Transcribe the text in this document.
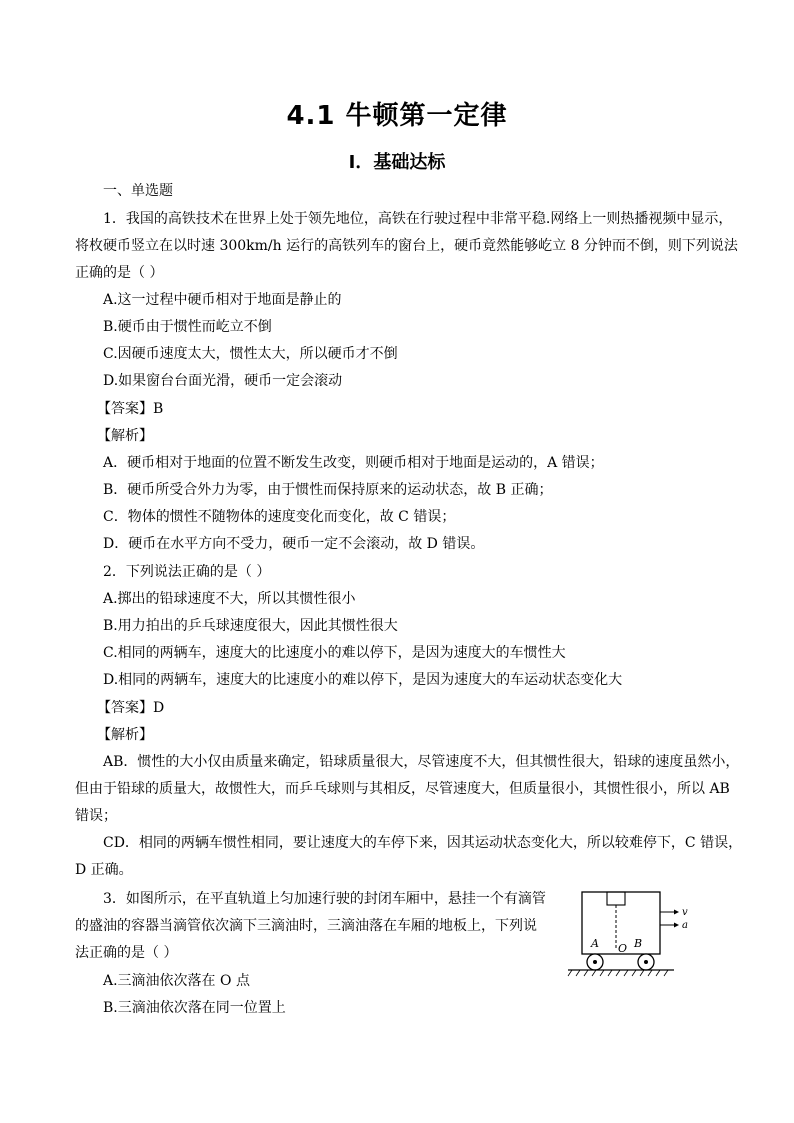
4.1 牛顿第一定律
Ⅰ．基础达标
一、单选题
1．我国的高铁技术在世界上处于领先地位，高铁在行驶过程中非常平稳.网络上一则热播视频中显示，
将枚硬币竖立在以时速 300km/h 运行的高铁列车的窗台上，硬币竟然能够屹立 8 分钟而不倒，则下列说法
正确的是（ ）
A.这一过程中硬币相对于地面是静止的
B.硬币由于惯性而屹立不倒
C.因硬币速度太大，惯性太大，所以硬币才不倒
D.如果窗台台面光滑，硬币一定会滚动
【答案】B
【解析】
A．硬币相对于地面的位置不断发生改变，则硬币相对于地面是运动的，A 错误；
B．硬币所受合外力为零，由于惯性而保持原来的运动状态，故 B 正确；
C．物体的惯性不随物体的速度变化而变化，故 C 错误；
D．硬币在水平方向不受力，硬币一定不会滚动，故 D 错误。
2．下列说法正确的是（ ）
A.掷出的铅球速度不大，所以其惯性很小
B.用力拍出的乒乓球速度很大，因此其惯性很大
C.相同的两辆车，速度大的比速度小的难以停下，是因为速度大的车惯性大
D.相同的两辆车，速度大的比速度小的难以停下，是因为速度大的车运动状态变化大
【答案】D
【解析】
AB．惯性的大小仅由质量来确定，铅球质量很大，尽管速度不大，但其惯性很大，铅球的速度虽然小，
但由于铅球的质量大，故惯性大，而乒乓球则与其相反，尽管速度大，但质量很小，其惯性很小，所以 AB
错误；
CD．相同的两辆车惯性相同，要让速度大的车停下来，因其运动状态变化大，所以较难停下，C 错误，
D 正确。
3．如图所示，在平直轨道上匀加速行驶的封闭车厢中，悬挂一个有滴管
的盛油的容器当滴管依次滴下三滴油时，三滴油落在车厢的地板上，下列说
法正确的是（ ）
A.三滴油依次落在 O 点
B.三滴油依次落在同一位置上
v
a
A O B
